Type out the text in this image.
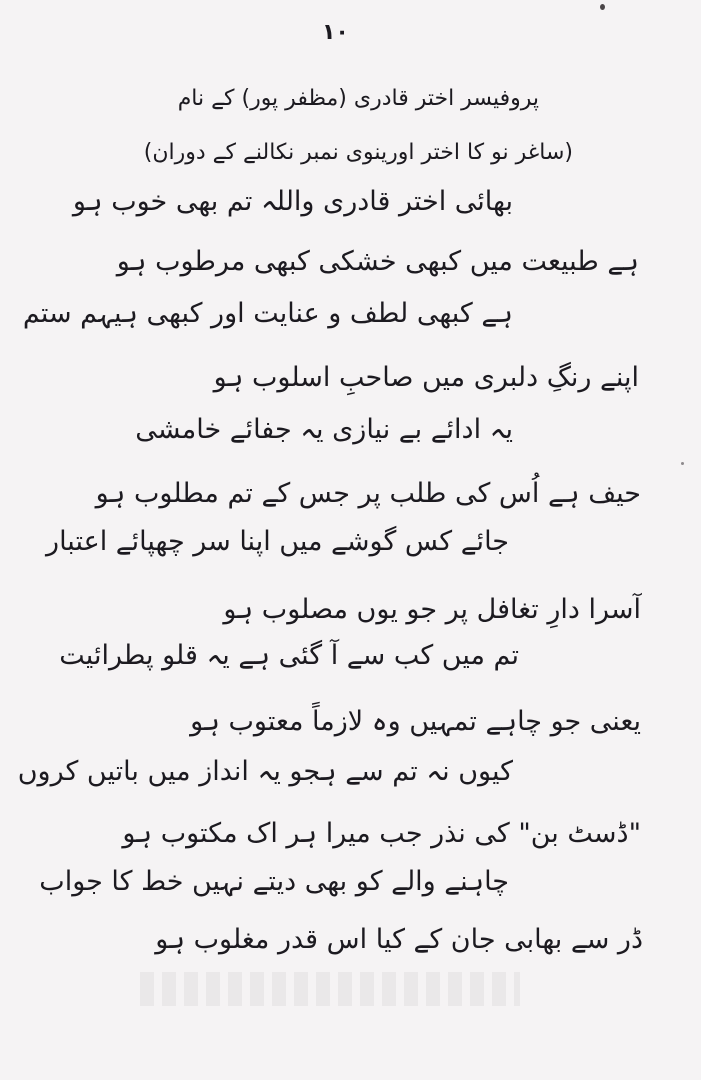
۱۰
پروفیسر اختر قادری (مظفر پور) کے نام
(ساغر نو کا اختر اورینوی نمبر نکالنے کے دوران)
بھائی اختر قادری واللہ تم بھی خوب ہو
ہے طبیعت میں کبھی خشکی کبھی مرطوب ہو
ہے کبھی لطف و عنایت اور کبھی ہیہم ستم
اپنے رنگِ دلبری میں صاحبِ اسلوب ہو
یہ ادائے بے نیازی یہ جفائے خامشی
حیف ہے اُس کی طلب پر جس کے تم مطلوب ہو
جائے کس گوشے میں اپنا سر چھپائے اعتبار
آسرا دارِ تغافل پر جو یوں مصلوب ہو
تم میں کب سے آ گئی ہے یہ قلو پطرائیت
یعنی جو چاہے تمہیں وہ لازماً معتوب ہو
کیوں نہ تم سے ہجو یہ انداز میں باتیں کروں
"ڈسٹ بن" کی نذر جب میرا ہر اک مکتوب ہو
چاہنے والے کو بھی دیتے نہیں خط کا جواب
ڈر سے بھابی جان کے کیا اس قدر مغلوب ہو
